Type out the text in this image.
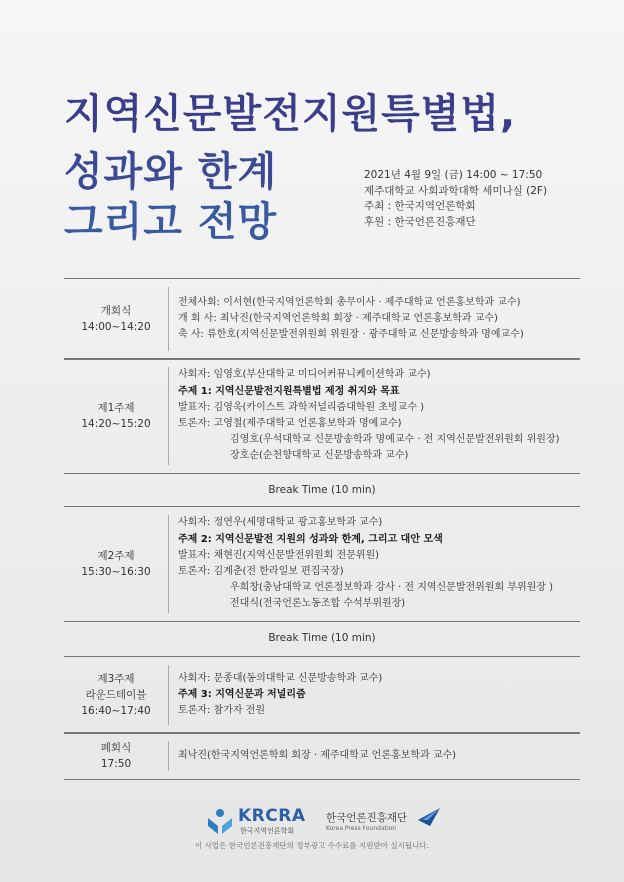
지역신문발전지원특별법,
성과와 한계
그리고 전망
2021년 4월 9일 (금) 14:00 ~ 17:50
제주대학교 사회과학대학 세미나실 (2F)
주최 : 한국지역언론학회
후원 : 한국언론진흥재단
개회식
14:00~14:20
전체사회: 이서현(한국지역언론학회 총무이사 · 제주대학교 언론홍보학과 교수)
개 회 사: 최낙진(한국지역언론학회 회장 · 제주대학교 언론홍보학과 교수)
축 사: 류한호(지역신문발전위원회 위원장 · 광주대학교 신문방송학과 명예교수)
제1주제
14:20~15:20
사회자: 임영호(부산대학교 미디어커뮤니케이션학과 교수)
주제 1: 지역신문발전지원특별법 제정 취지와 목표
발표자: 김영욱(카이스트 과학저널리즘대학원 초빙교수 )
토론자: 고영철(제주대학교 언론홍보학과 명예교수)
김영호(우석대학교 신문방송학과 명예교수 · 전 지역신문발전위원회 위원장)
장호순(순천향대학교 신문방송학과 교수)
Break Time (10 min)
제2주제
15:30~16:30
사회자: 정연우(세명대학교 광고홍보학과 교수)
주제 2: 지역신문발전 지원의 성과와 한계, 그리고 대안 모색
발표자: 채현진(지역신문발전위원회 전문위원)
토론자: 김계춘(전 한라일보 편집국장)
우희창(충남대학교 언론정보학과 강사 · 전 지역신문발전위원회 부위원장 )
전대식(전국언론노동조합 수석부위원장)
Break Time (10 min)
제3주제
라운드테이블
16:40~17:40
사회자: 문종대(동의대학교 신문방송학과 교수)
주제 3: 지역신문과 저널리즘
토론자: 참가자 전원
폐회식
17:50
최낙진(한국지역언론학회 회장 · 제주대학교 언론홍보학과 교수)
KRCRA
한국지역언론학회
한국언론진흥재단
Korea Press Foundation
이 사업은 한국언론진흥재단의 정부광고 수수료를 지원받아 실시됩니다.
